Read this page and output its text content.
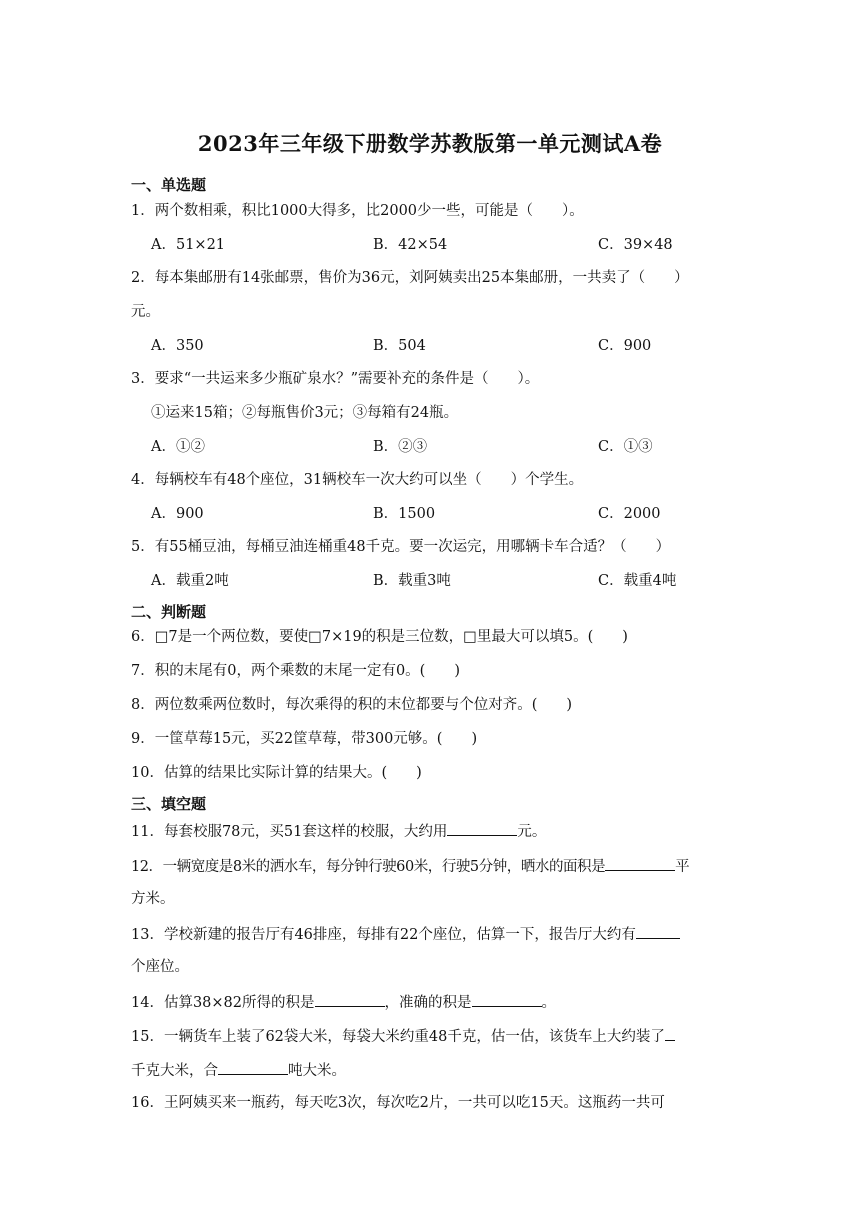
2023年三年级下册数学苏教版第一单元测试A卷
一、单选题
1．两个数相乘，积比1000大得多，比2000少一些，可能是（　　）。
A．51×21	B．42×54	C．39×48
2．每本集邮册有14张邮票，售价为36元，刘阿姨卖出25本集邮册，一共卖了（　　）
元。
A．350	B．504	C．900
3．要求“一共运来多少瓶矿泉水？”需要补充的条件是（　　）。
①运来15箱；②每瓶售价3元；③每箱有24瓶。
A．①②	B．②③	C．①③
4．每辆校车有48个座位，31辆校车一次大约可以坐（　　）个学生。
A．900	B．1500	C．2000
5．有55桶豆油，每桶豆油连桶重48千克。要一次运完，用哪辆卡车合适？（　　）
A．载重2吨	B．载重3吨	C．载重4吨
二、判断题
6．□7是一个两位数，要使□7×19的积是三位数，□里最大可以填5。(　　)
7．积的末尾有0，两个乘数的末尾一定有0。(　　)
8．两位数乘两位数时，每次乘得的积的末位都要与个位对齐。(　　)
9．一筐草莓15元，买22筐草莓，带300元够。(　　)
10．估算的结果比实际计算的结果大。(　　)
三、填空题
11．每套校服78元，买51套这样的校服，大约用	元。
12．一辆宽度是8米的洒水车，每分钟行驶60米，行驶5分钟，晒水的面积是	平
方米。
13．学校新建的报告厅有46排座，每排有22个座位，估算一下，报告厅大约有
个座位。
14．估算38×82所得的积是	，准确的积是	。
15．一辆货车上装了62袋大米，每袋大米约重48千克，估一估，该货车上大约装了
千克大米，合	吨大米。
16．王阿姨买来一瓶药，每天吃3次，每次吃2片，一共可以吃15天。这瓶药一共可
